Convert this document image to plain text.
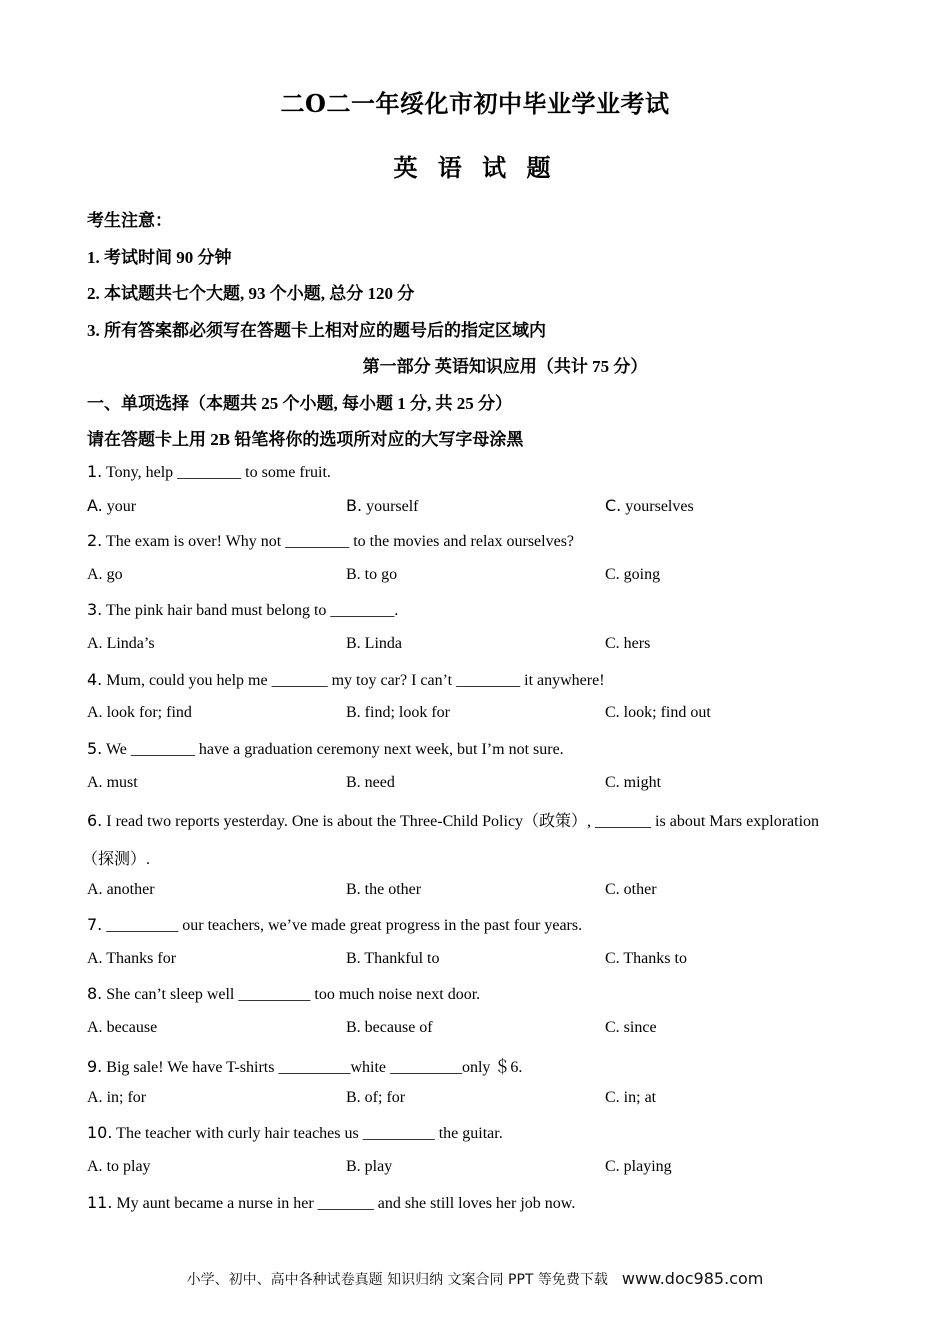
二O二一年绥化市初中毕业学业考试
英 语 试 题
考生注意：
1. 考试时间 90 分钟
2. 本试题共七个大题, 93 个小题, 总分 120 分
3. 所有答案都必须写在答题卡上相对应的题号后的指定区域内
第一部分 英语知识应用（共计 75 分）
一、单项选择（本题共 25 个小题, 每小题 1 分, 共 25 分）
请在答题卡上用 2B 铅笔将你的选项所对应的大写字母涂黑
1. Tony, help ________ to some fruit.
A. your	B. yourself	C. yourselves
2. The exam is over! Why not ________ to the movies and relax ourselves?
A. go	B. to go	C. going
3. The pink hair band must belong to ________.
A. Linda’s	B. Linda	C. hers
4. Mum, could you help me _______ my toy car? I can’t ________ it anywhere!
A. look for; find	B. find; look for	C. look; find out
5. We ________ have a graduation ceremony next week, but I’m not sure.
A. must	B. need	C. might
6. I read two reports yesterday. One is about the Three-Child Policy（政策）, _______ is about Mars exploration
（探测）.
A. another	B. the other	C. other
7. _________ our teachers, we’ve made great progress in the past four years.
A. Thanks for	B. Thankful to	C. Thanks to
8. She can’t sleep well _________ too much noise next door.
A. because	B. because of	C. since
9. Big sale! We have T-shirts _________white _________only ＄6.
A. in; for	B. of; for	C. in; at
10. The teacher with curly hair teaches us _________ the guitar.
A. to play	B. play	C. playing
11. My aunt became a nurse in her _______ and she still loves her job now.
小学、初中、高中各种试卷真题 知识归纳 文案合同 PPT 等免费下载 www.doc985.com
